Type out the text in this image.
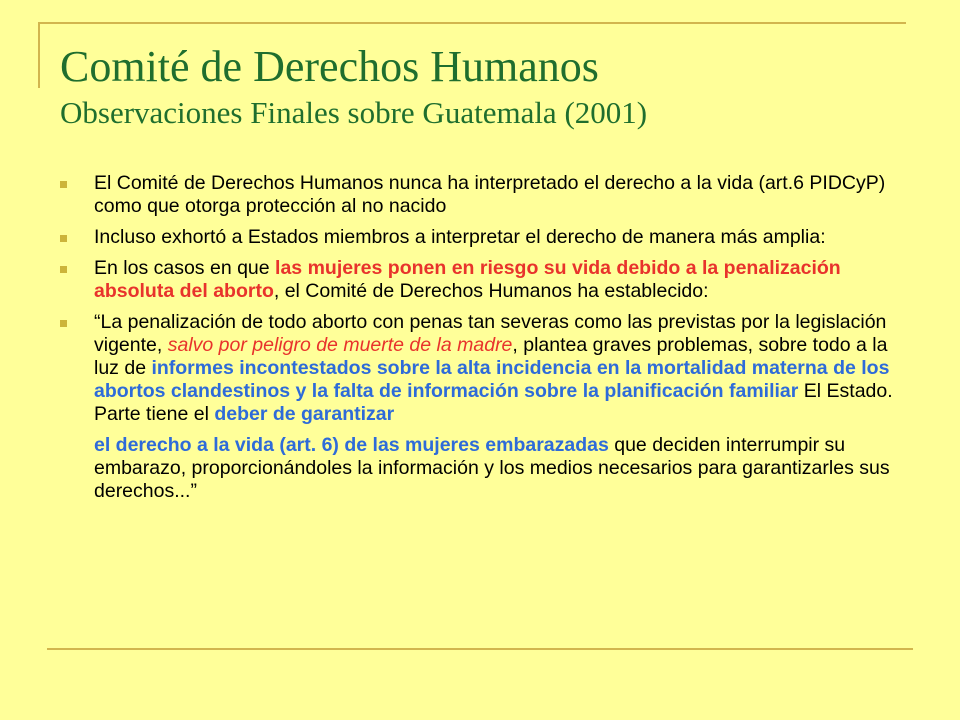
Comité de Derechos Humanos
Observaciones Finales sobre Guatemala (2001)
El Comité de Derechos Humanos nunca ha interpretado el derecho a la vida (art.6 PIDCyP) como que otorga protección al no nacido
Incluso exhortó a Estados miembros a interpretar el derecho de manera más amplia:
En los casos en que las mujeres ponen en riesgo su vida debido a la penalización absoluta del aborto, el Comité de Derechos Humanos ha establecido:
“La penalización de todo aborto con penas tan severas como las previstas por la legislación vigente, salvo por peligro de muerte de la madre, plantea graves problemas, sobre todo a la luz de informes incontestados sobre la alta incidencia en la mortalidad materna de los abortos clandestinos y la falta de información sobre la planificación familiar El Estado. Parte tiene el deber de garantizar
el derecho a la vida (art. 6) de las mujeres embarazadas que deciden interrumpir su embarazo, proporcionándoles la información y los medios necesarios para garantizarles sus derechos...”
